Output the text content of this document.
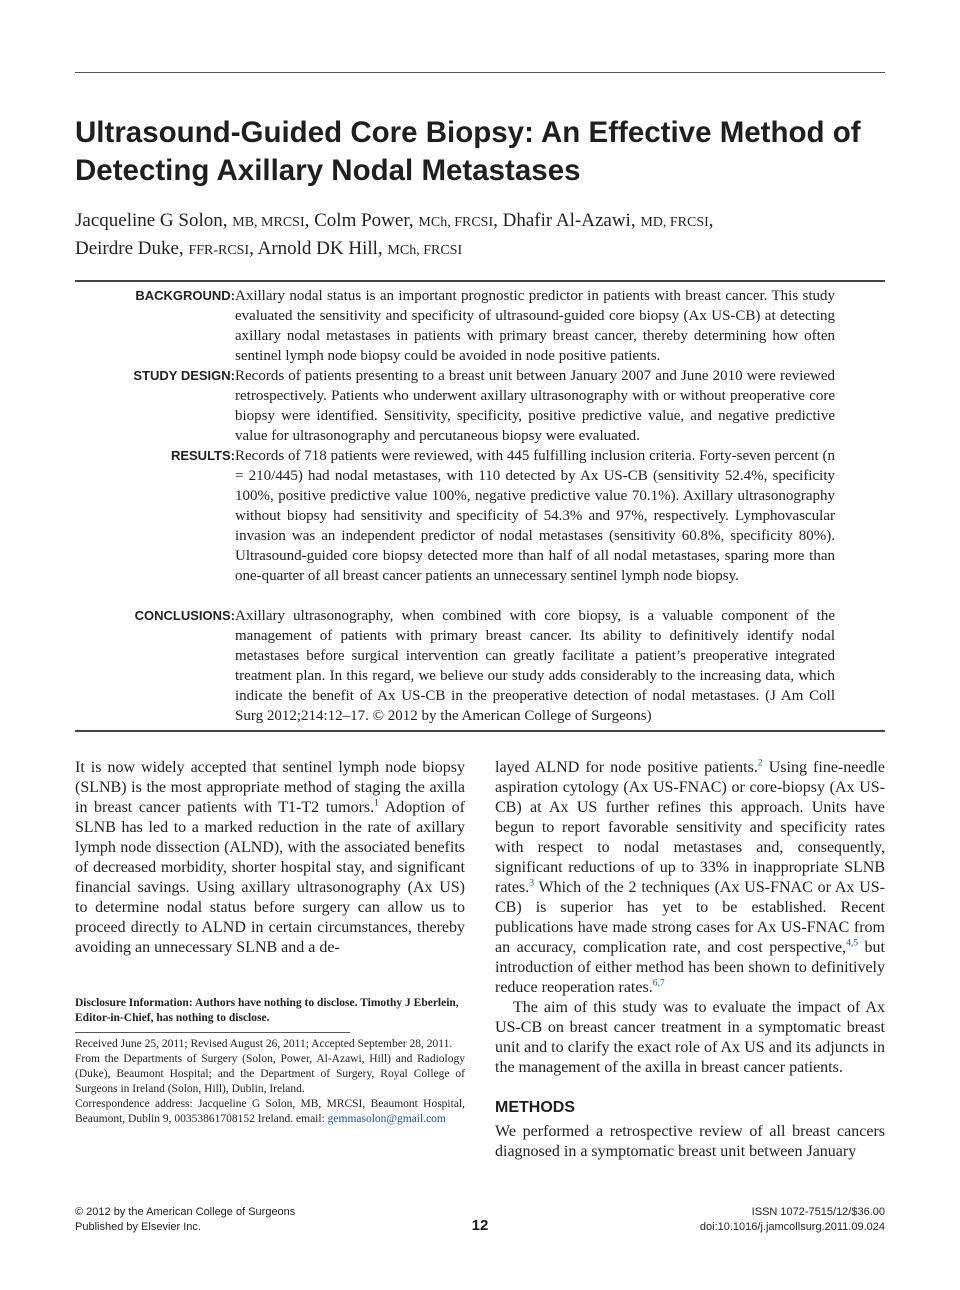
Ultrasound-Guided Core Biopsy: An Effective Method of Detecting Axillary Nodal Metastases
Jacqueline G Solon, MB, MRCSI, Colm Power, MCh, FRCSI, Dhafir Al-Azawi, MD, FRCSI,
Deirdre Duke, FFR-RCSI, Arnold DK Hill, MCh, FRCSI
BACKGROUND: Axillary nodal status is an important prognostic predictor in patients with breast cancer. This study evaluated the sensitivity and specificity of ultrasound-guided core biopsy (Ax US-CB) at detecting axillary nodal metastases in patients with primary breast cancer, thereby determining how often sentinel lymph node biopsy could be avoided in node positive patients.
STUDY DESIGN: Records of patients presenting to a breast unit between January 2007 and June 2010 were reviewed retrospectively. Patients who underwent axillary ultrasonography with or without preoperative core biopsy were identified. Sensitivity, specificity, positive predictive value, and negative predictive value for ultrasonography and percutaneous biopsy were evaluated.
RESULTS: Records of 718 patients were reviewed, with 445 fulfilling inclusion criteria. Forty-seven percent (n = 210/445) had nodal metastases, with 110 detected by Ax US-CB (sensitivity 52.4%, specificity 100%, positive predictive value 100%, negative predictive value 70.1%). Axillary ultrasonography without biopsy had sensitivity and specificity of 54.3% and 97%, respectively. Lymphovascular invasion was an independent predictor of nodal metastases (sensitivity 60.8%, specificity 80%). Ultrasound-guided core biopsy detected more than half of all nodal metastases, sparing more than one-quarter of all breast cancer patients an unnecessary sentinel lymph node biopsy.
CONCLUSIONS: Axillary ultrasonography, when combined with core biopsy, is a valuable component of the management of patients with primary breast cancer. Its ability to definitively identify nodal metastases before surgical intervention can greatly facilitate a patient’s preoperative integrated treatment plan. In this regard, we believe our study adds considerably to the increasing data, which indicate the benefit of Ax US-CB in the preoperative detection of nodal metastases. (J Am Coll Surg 2012;214:12–17. © 2012 by the American College of Surgeons)

It is now widely accepted that sentinel lymph node biopsy (SLNB) is the most appropriate method of staging the axilla in breast cancer patients with T1-T2 tumors.$^1$ Adoption of SLNB has led to a marked reduction in the rate of axillary lymph node dissection (ALND), with the associated benefits of decreased morbidity, shorter hospital stay, and significant financial savings. Using axillary ultrasonography (Ax US) to determine nodal status before surgery can allow us to proceed directly to ALND in certain circumstances, thereby avoiding an unnecessary SLNB and a de-

layed ALND for node positive patients.$^2$ Using fine-needle aspiration cytology (Ax US-FNAC) or core-biopsy (Ax US-CB) at Ax US further refines this approach. Units have begun to report favorable sensitivity and specificity rates with respect to nodal metastases and, consequently, significant reductions of up to 33% in inappropriate SLNB rates.$^3$ Which of the 2 techniques (Ax US-FNAC or Ax US-CB) is superior has yet to be established. Recent publications have made strong cases for Ax US-FNAC from an accuracy, complication rate, and cost perspective,$^{4,5}$ but introduction of either method has been shown to definitively reduce reoperation rates.$^{6,7}$

The aim of this study was to evaluate the impact of Ax US-CB on breast cancer treatment in a symptomatic breast unit and to clarify the exact role of Ax US and its adjuncts in the management of the axilla in breast cancer patients.

METHODS

We performed a retrospective review of all breast cancers diagnosed in a symptomatic breast unit between January

Disclosure Information: Authors have nothing to disclose. Timothy J Eberlein, Editor-in-Chief, has nothing to disclose.

Received June 25, 2011; Revised August 26, 2011; Accepted September 28, 2011.

From the Departments of Surgery (Solon, Power, Al-Azawi, Hill) and Radiology (Duke), Beaumont Hospital; and the Department of Surgery, Royal College of Surgeons in Ireland (Solon, Hill), Dublin, Ireland.

Correspondence address: Jacqueline G Solon, MB, MRCSI, Beaumont Hospital, Beaumont, Dublin 9, 00353861708152 Ireland. email: gemmasolon@gmail.com

© 2012 by the American College of Surgeons
Published by Elsevier Inc.	12
ISSN 1072-7515/12/$36.00
doi:10.1016/j.jamcollsurg.2011.09.024
